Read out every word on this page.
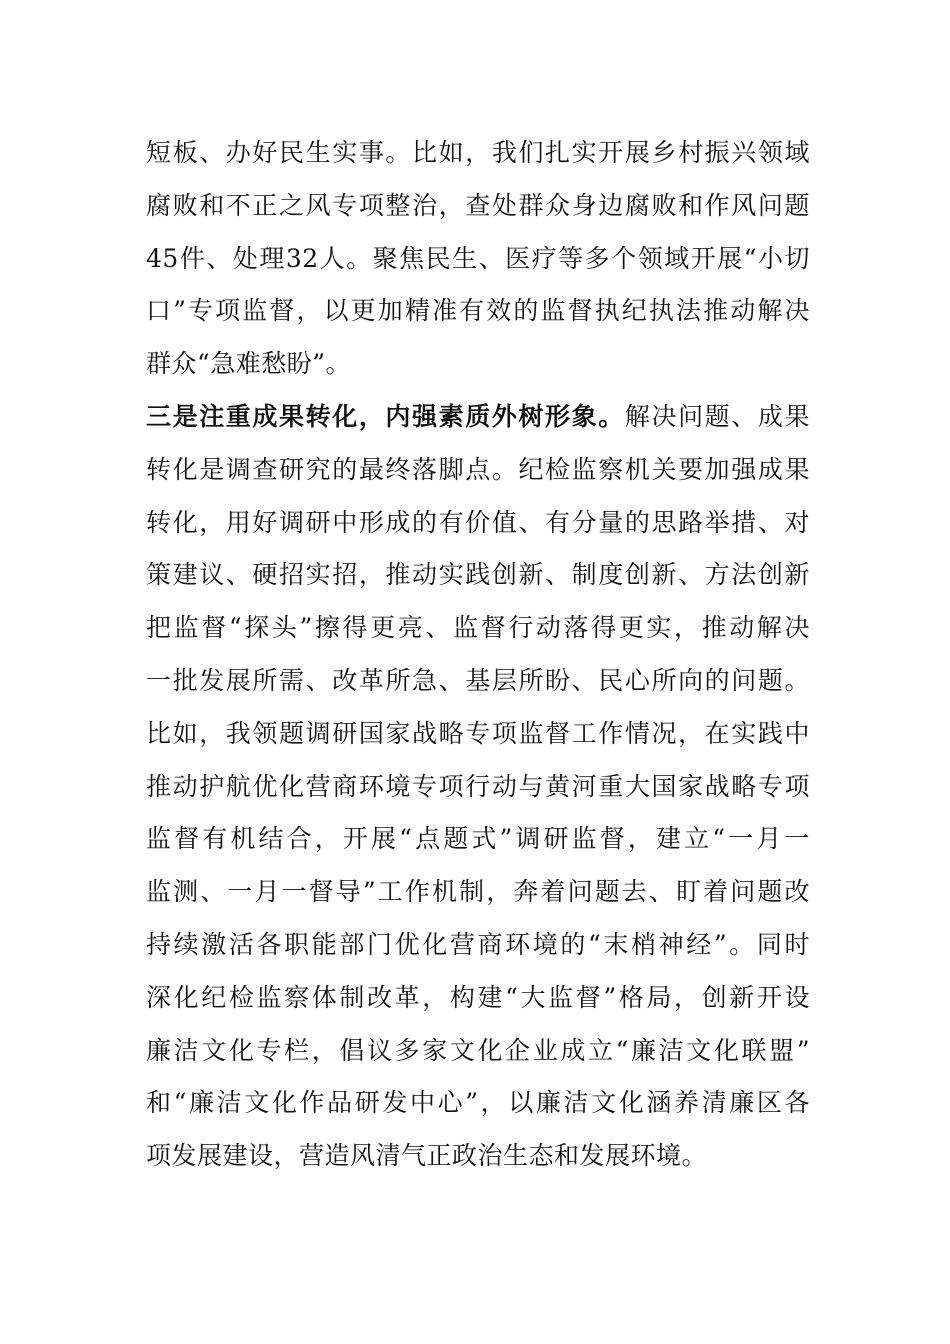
短板、办好民生实事。比如，我们扎实开展乡村振兴领域
腐败和不正之风专项整治，查处群众身边腐败和作风问题
45件、处理32人。聚焦民生、医疗等多个领域开展“小切
口”专项监督，以更加精准有效的监督执纪执法推动解决
群众“急难愁盼”。
三是注重成果转化，内强素质外树形象。解决问题、成果
转化是调查研究的最终落脚点。纪检监察机关要加强成果
转化，用好调研中形成的有价值、有分量的思路举措、对
策建议、硬招实招，推动实践创新、制度创新、方法创新
把监督“探头”擦得更亮、监督行动落得更实，推动解决
一批发展所需、改革所急、基层所盼、民心所向的问题。
比如，我领题调研国家战略专项监督工作情况，在实践中
推动护航优化营商环境专项行动与黄河重大国家战略专项
监督有机结合，开展“点题式”调研监督，建立“一月一
监测、一月一督导”工作机制，奔着问题去、盯着问题改
持续激活各职能部门优化营商环境的“末梢神经”。同时
深化纪检监察体制改革，构建“大监督”格局，创新开设
廉洁文化专栏，倡议多家文化企业成立“廉洁文化联盟”
和“廉洁文化作品研发中心”，以廉洁文化涵养清廉区各
项发展建设，营造风清气正政治生态和发展环境。
